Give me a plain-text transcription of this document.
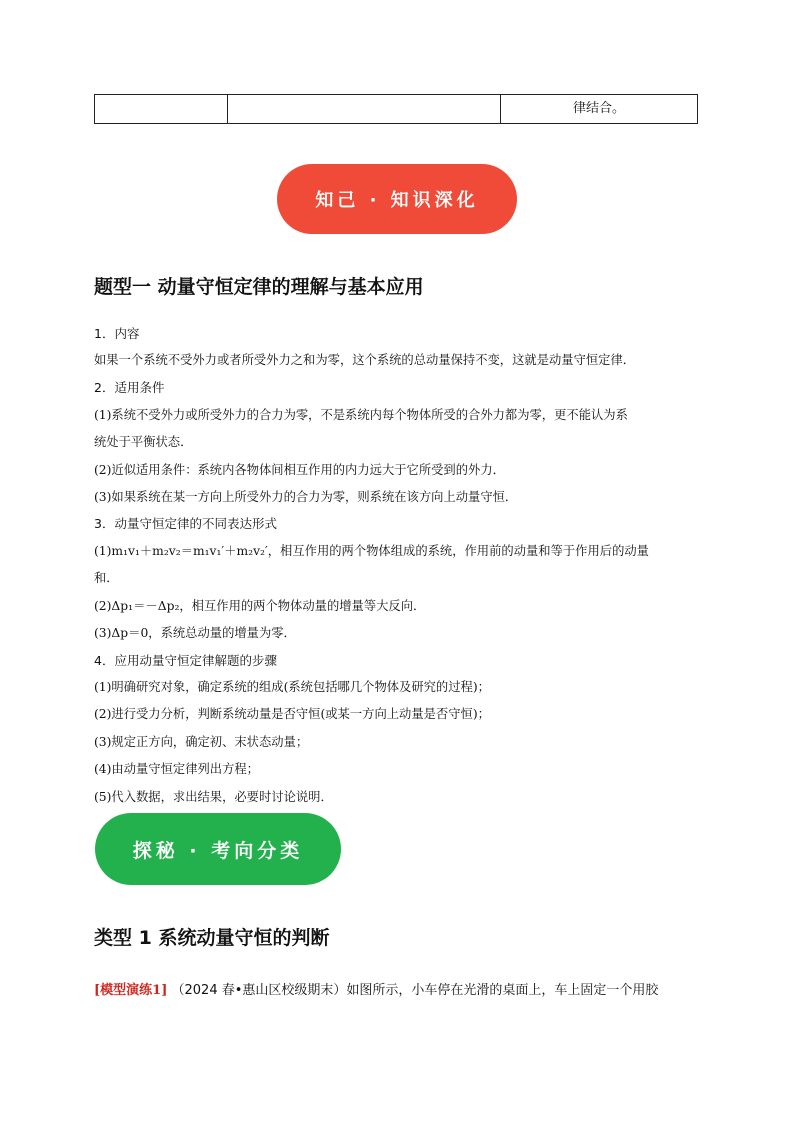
		律结合。
知己 · 知识深化
题型一 动量守恒定律的理解与基本应用
1．内容
如果一个系统不受外力或者所受外力之和为零，这个系统的总动量保持不变，这就是动量守恒定律．
2．适用条件
(1)系统不受外力或所受外力的合力为零，不是系统内每个物体所受的合外力都为零，更不能认为系
统处于平衡状态．
(2)近似适用条件：系统内各物体间相互作用的内力远大于它所受到的外力．
(3)如果系统在某一方向上所受外力的合力为零，则系统在该方向上动量守恒．
3．动量守恒定律的不同表达形式
(1)m₁v₁＋m₂v₂＝m₁v₁′＋m₂v₂′，相互作用的两个物体组成的系统，作用前的动量和等于作用后的动量
和．
(2)Δp₁＝－Δp₂，相互作用的两个物体动量的增量等大反向．
(3)Δp＝0，系统总动量的增量为零．
4．应用动量守恒定律解题的步骤
(1)明确研究对象，确定系统的组成(系统包括哪几个物体及研究的过程)；
(2)进行受力分析，判断系统动量是否守恒(或某一方向上动量是否守恒)；
(3)规定正方向，确定初、末状态动量；
(4)由动量守恒定律列出方程；
(5)代入数据，求出结果，必要时讨论说明．
探秘 · 考向分类
类型 1 系统动量守恒的判断
[模型演练1] （2024 春•惠山区校级期末）如图所示，小车停在光滑的桌面上，车上固定一个用胶
